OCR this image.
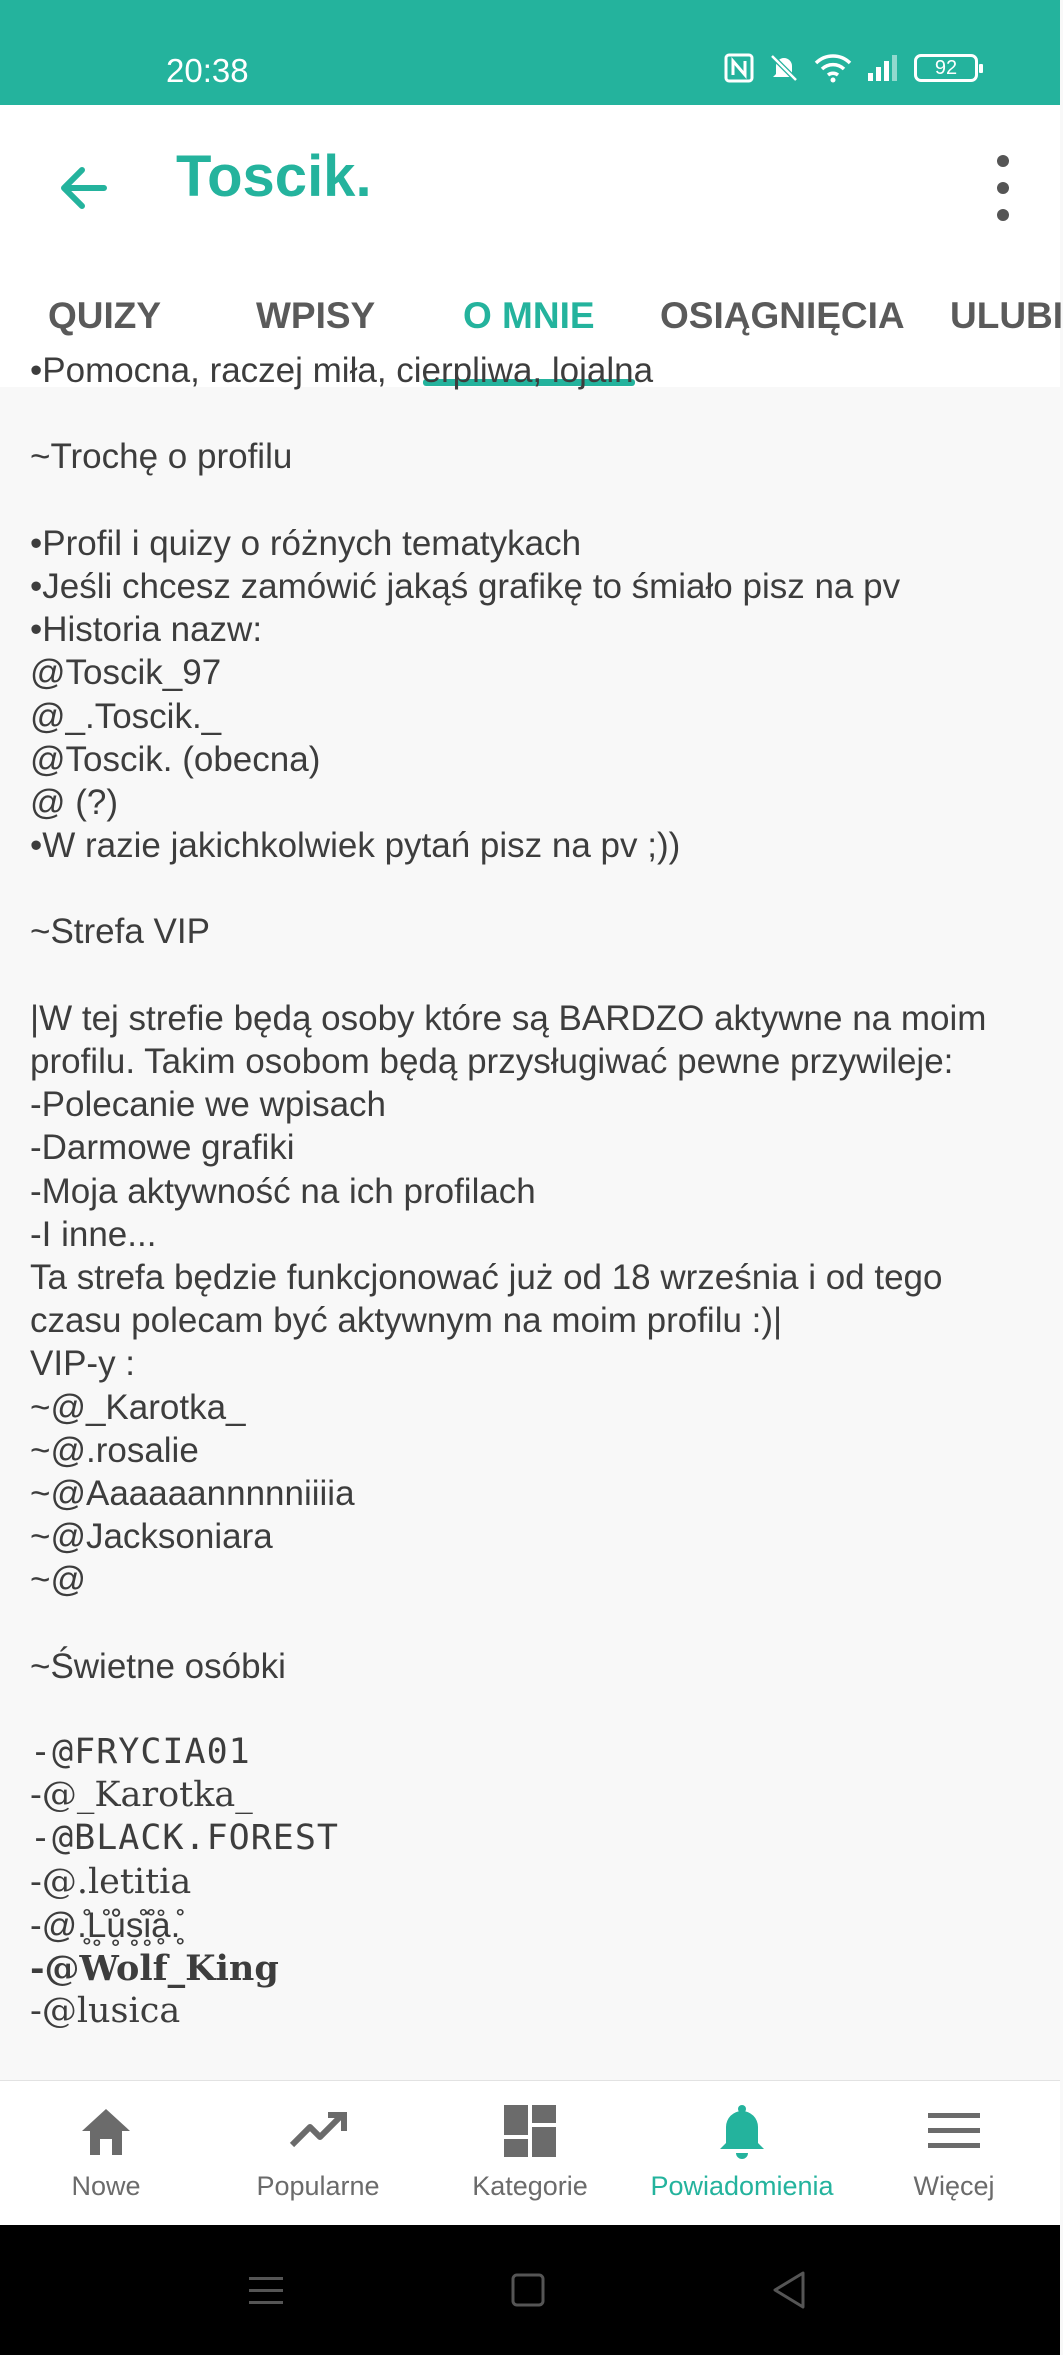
20:38	92
Toscik.
QUIZY	WPISY O MNIE OSIĄGNIĘCIA ULUBI
•Pomocna, raczej miła, cierpliwa, lojalna
~Trochę o profilu
•Profil i quizy o różnych tematykach
•Jeśli chcesz zamówić jakąś grafikę to śmiało pisz na pv
•Historia nazw:
@Toscik_97
@_.Toscik._
@Toscik. (obecna)
@ (?)
•W razie jakichkolwiek pytań pisz na pv ;))
~Strefa VIP
|W tej strefie będą osoby które są BARDZO aktywne na moim
profilu. Takim osobom będą przysługiwać pewne przywileje:
-Polecanie we wpisach
-Darmowe grafiki
-Moja aktywność na ich profilach
-I inne...
Ta strefa będzie funkcjonować już od 18 września i od tego
czasu polecam być aktywnym na moim profilu :)|
VIP-y :
~@_Karotka_
~@.rosalie
~@Aaaaaannnnniiiia
~@Jacksoniara
~@
~Świetne osóbki
-@FRYCIA01
-@_Karotka_
-@BLACK.FOREST
-@.letitia
-@.̥̊L̥̊ů̥s̥̊i̥̊ḁ̊.̥̊
-@Wolf_King
-@lusica
Nowe	Popularne	Kategorie	Powiadomienia	Więcej
